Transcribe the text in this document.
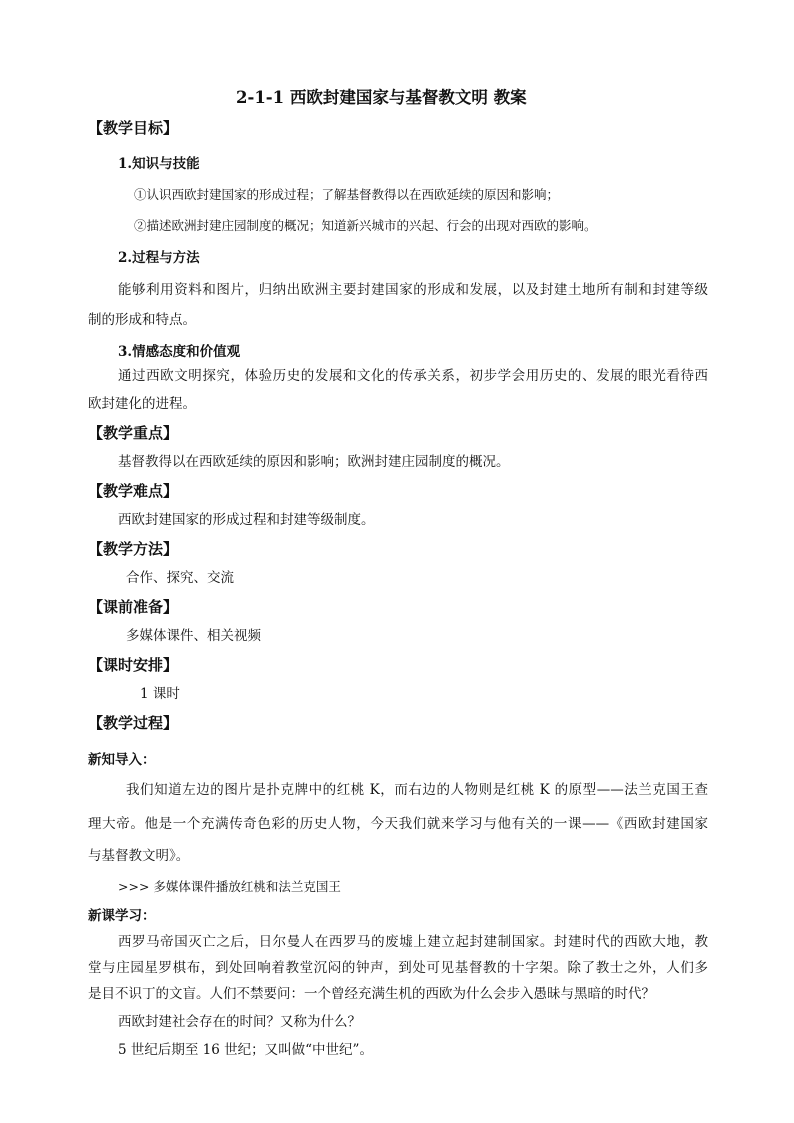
2-1-1 西欧封建国家与基督教文明 教案
【教学目标】
1.知识与技能
①认识西欧封建国家的形成过程；了解基督教得以在西欧延续的原因和影响；
②描述欧洲封建庄园制度的概况；知道新兴城市的兴起、行会的出现对西欧的影响。
2.过程与方法
能够利用资料和图片，归纳出欧洲主要封建国家的形成和发展，以及封建土地所有制和封建等级
制的形成和特点。
3.情感态度和价值观
通过西欧文明探究，体验历史的发展和文化的传承关系，初步学会用历史的、发展的眼光看待西
欧封建化的进程。
【教学重点】
基督教得以在西欧延续的原因和影响；欧洲封建庄园制度的概况。
【教学难点】
西欧封建国家的形成过程和封建等级制度。
【教学方法】
合作、探究、交流
【课前准备】
多媒体课件、相关视频
【课时安排】
1 课时
【教学过程】
新知导入：
我们知道左边的图片是扑克牌中的红桃 K，而右边的人物则是红桃 K 的原型——法兰克国王查
理大帝。他是一个充满传奇色彩的历史人物，今天我们就来学习与他有关的一课——《西欧封建国家
与基督教文明》。
>>> 多媒体课件播放红桃和法兰克国王
新课学习：
西罗马帝国灭亡之后，日尔曼人在西罗马的废墟上建立起封建制国家。封建时代的西欧大地，教
堂与庄园星罗棋布，到处回响着教堂沉闷的钟声，到处可见基督教的十字架。除了教士之外，人们多
是目不识丁的文盲。人们不禁要问：一个曾经充满生机的西欧为什么会步入愚昧与黑暗的时代？
西欧封建社会存在的时间？又称为什么？
5 世纪后期至 16 世纪；又叫做“中世纪”。
